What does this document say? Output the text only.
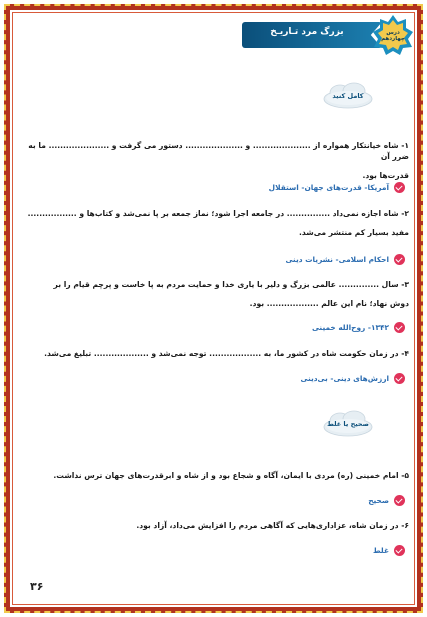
بزرگ مرد تـاریـخ	درس چهاردهم
کامل کنید
۱- شاه خیانتکار همواره از .................... و .................... دستور می گرفت و ..................... ما به ضرر آن
قدرت‌ها بود.
آمریکا- قدرت‌های جهان- استقلال
۲- شاه اجازه نمی‌داد ............... در جامعه اجرا شود؛ نماز جمعه بر پا نمی‌شد و کتاب‌ها و .................
مفید بسیار کم منتشر می‌شد.
احکام اسلامی- نشریات دینی
۳- سال .............. عالمی بزرگ و دلیر با یاری خدا و حمایت مردم به پا خاست و پرچم قیام را بر
دوش نهاد؛ نام این عالم .................. بود.
۱۳۴۲- روح‌الله خمینی
۴- در زمان حکومت شاه در کشور ما، به .................. توجه نمی‌شد و ................... تبلیغ می‌شد.
ارزش‌های دینی- بی‌دینی
صحیح یا غلط
۵- امام خمینی (ره) مردی با ایمان، آگاه و شجاع بود و از شاه و ابرقدرت‌های جهان ترس نداشت.
صحیح
۶- در زمان شاه، عزاداری‌هایی که آگاهی مردم را افزایش می‌داد، آزاد بود.
غلط
۳۶
